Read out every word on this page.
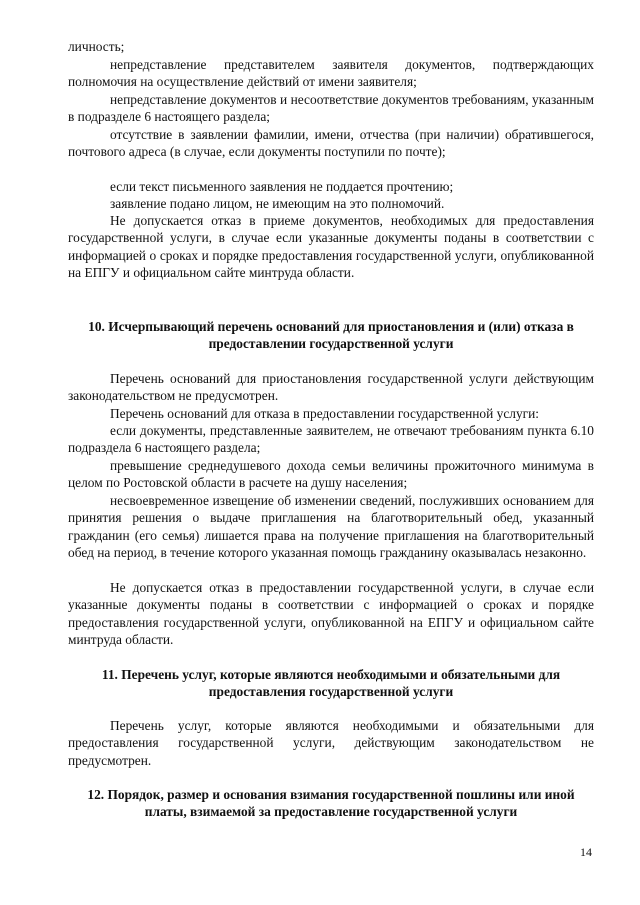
личность;

непредставление представителем заявителя документов, подтверждающих полномочия на осуществление действий от имени заявителя;

непредставление документов и несоответствие документов требованиям, указанным в подразделе 6 настоящего раздела;

отсутствие в заявлении фамилии, имени, отчества (при наличии) обратившегося, почтового адреса (в случае, если документы поступили по почте);

если текст письменного заявления не поддается прочтению;

заявление подано лицом, не имеющим на это полномочий.

Не допускается отказ в приеме документов, необходимых для предоставления государственной услуги, в случае если указанные документы поданы в соответствии с информацией о сроках и порядке предоставления государственной услуги, опубликованной на ЕПГУ и официальном сайте минтруда области.

10. Исчерпывающий перечень оснований для приостановления и (или) отказа в предоставлении государственной услуги

Перечень оснований для приостановления государственной услуги действующим законодательством не предусмотрен.

Перечень оснований для отказа в предоставлении государственной услуги:

если документы, представленные заявителем, не отвечают требованиям пункта 6.10 подраздела 6 настоящего раздела;

превышение среднедушевого дохода семьи величины прожиточного минимума в целом по Ростовской области в расчете на душу населения;

несвоевременное извещение об изменении сведений, послуживших основанием для принятия решения о выдаче приглашения на благотворительный обед, указанный гражданин (его семья) лишается права на получение приглашения на благотворительный обед на период, в течение которого указанная помощь гражданину оказывалась незаконно.

Не допускается отказ в предоставлении государственной услуги, в случае если указанные документы поданы в соответствии с информацией о сроках и порядке предоставления государственной услуги, опубликованной на ЕПГУ и официальном сайте минтруда области.

11. Перечень услуг, которые являются необходимыми и обязательными для предоставления государственной услуги

Перечень услуг, которые являются необходимыми и обязательными для предоставления государственной услуги, действующим законодательством не предусмотрен.

12. Порядок, размер и основания взимания государственной пошлины или иной платы, взимаемой за предоставление государственной услуги

14
